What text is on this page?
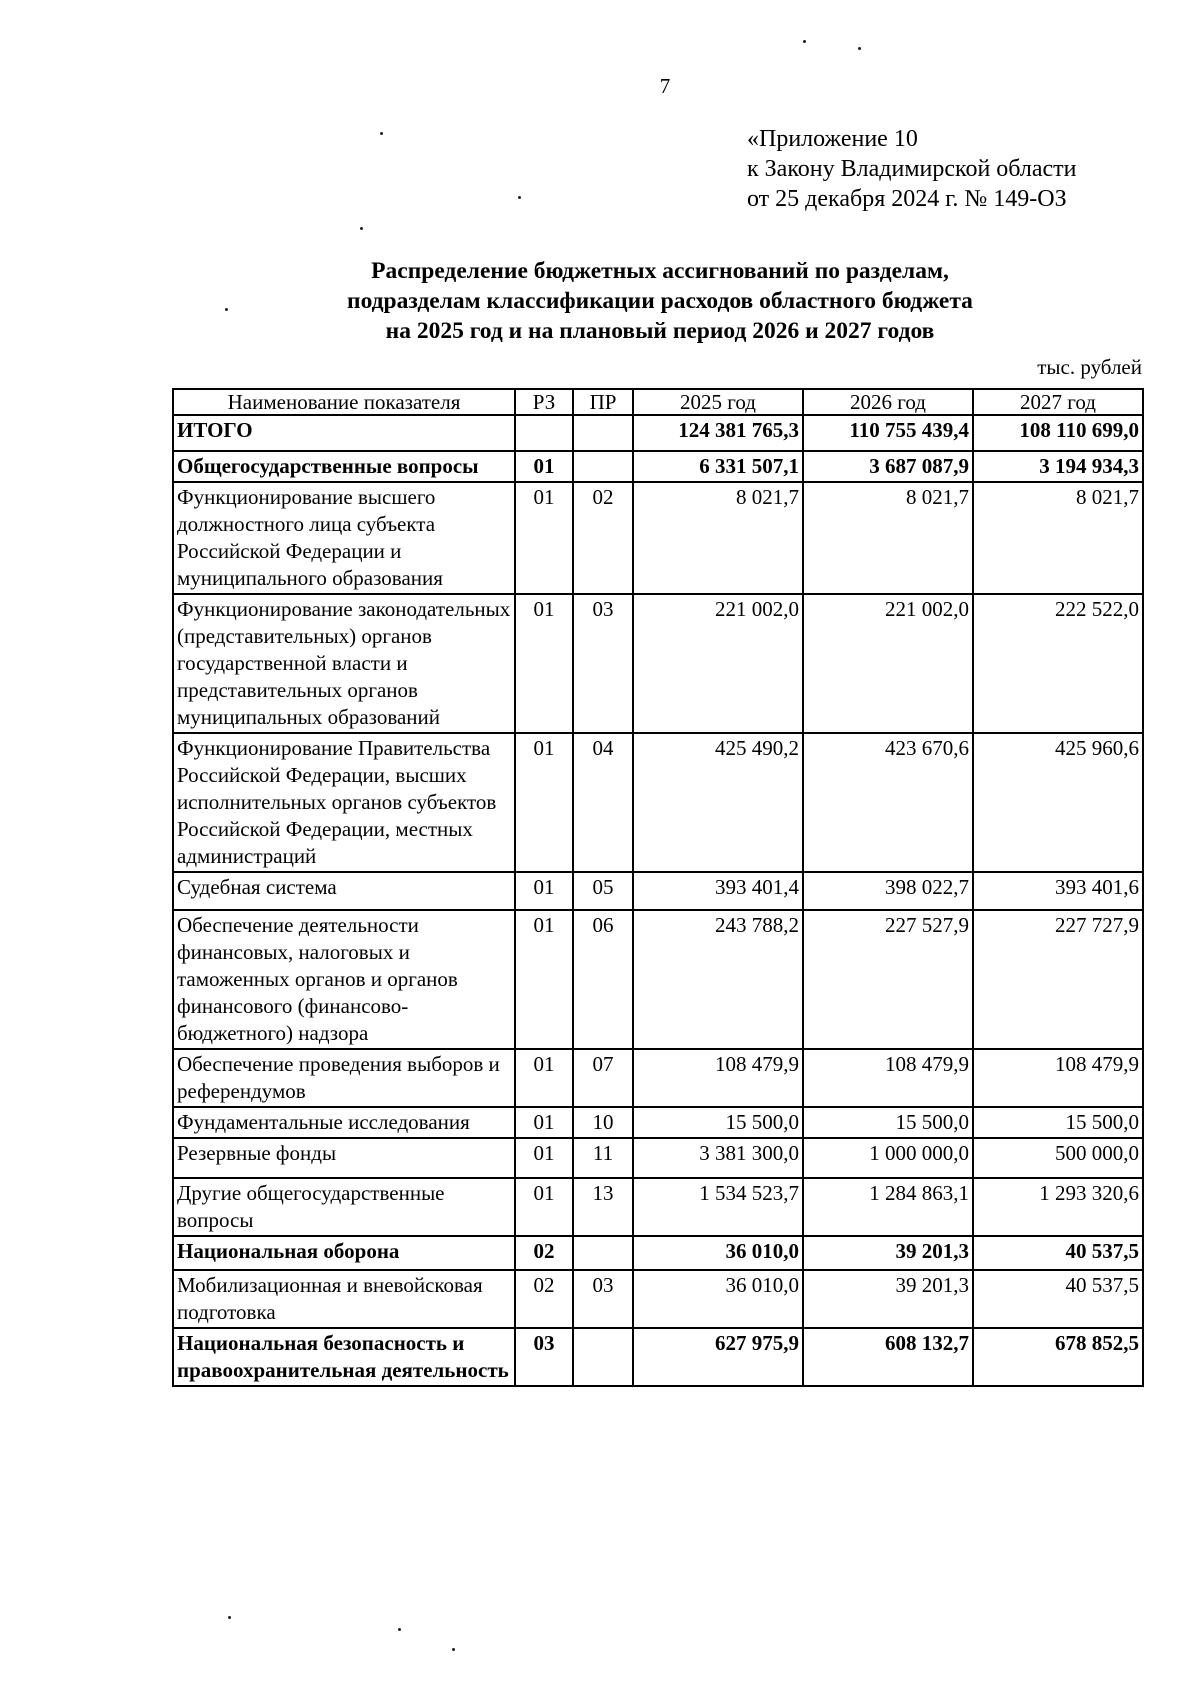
7
«Приложение 10
к Закону Владимирской области
от 25 декабря 2024 г. № 149-ОЗ
Распределение бюджетных ассигнований по разделам,
подразделам классификации расходов областного бюджета
на 2025 год и на плановый период 2026 и 2027 годов
тыс. рублей
Наименование показателя	РЗ	ПР	2025 год	2026 год	2027 год
ИТОГО			124 381 765,3	110 755 439,4	108 110 699,0
Общегосударственные вопросы	01		6 331 507,1	3 687 087,9	3 194 934,3
Функционирование высшего должностного лица субъекта Российской Федерации и муниципального образования	01	02	8 021,7	8 021,7	8 021,7
Функционирование законодательных (представительных) органов государственной власти и представительных органов муниципальных образований	01	03	221 002,0	221 002,0	222 522,0
Функционирование Правительства Российской Федерации, высших исполнительных органов субъектов Российской Федерации, местных администраций	01	04	425 490,2	423 670,6	425 960,6
Судебная система	01	05	393 401,4	398 022,7	393 401,6
Обеспечение деятельности финансовых, налоговых и таможенных органов и органов финансового (финансово-бюджетного) надзора	01	06	243 788,2	227 527,9	227 727,9
Обеспечение проведения выборов и референдумов	01	07	108 479,9	108 479,9	108 479,9
Фундаментальные исследования	01	10	15 500,0	15 500,0	15 500,0
Резервные фонды	01	11	3 381 300,0	1 000 000,0	500 000,0
Другие общегосударственные вопросы	01	13	1 534 523,7	1 284 863,1	1 293 320,6
Национальная оборона	02		36 010,0	39 201,3	40 537,5
Мобилизационная и вневойсковая подготовка	02	03	36 010,0	39 201,3	40 537,5
Национальная безопасность и правоохранительная деятельность	03		627 975,9	608 132,7	678 852,5
